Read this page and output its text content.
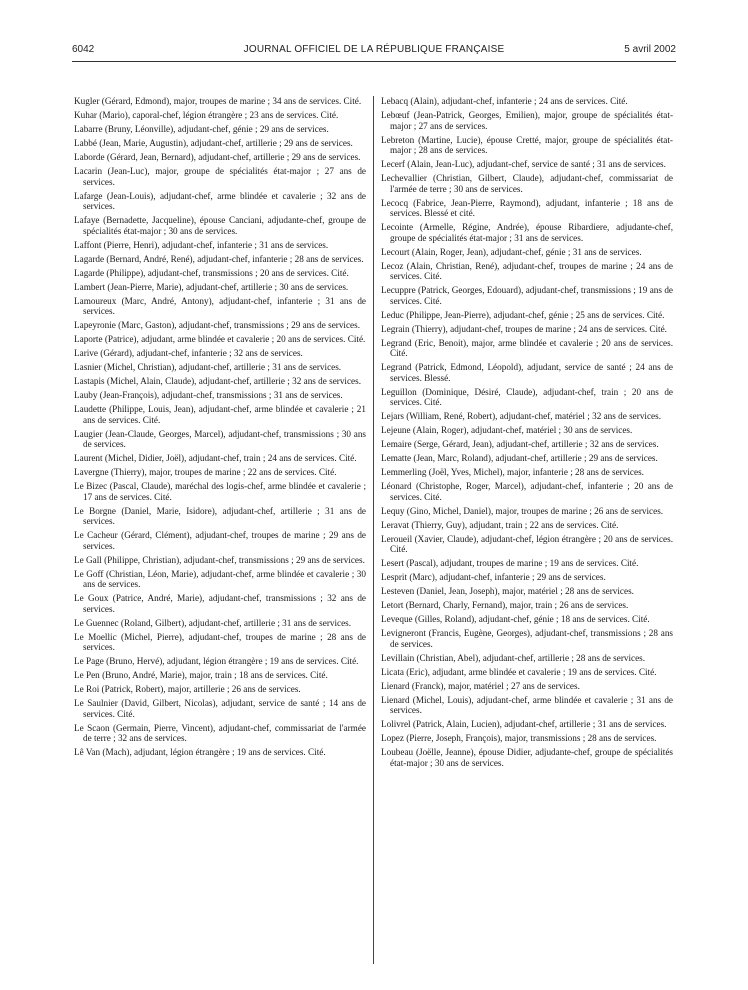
6042	JOURNAL OFFICIEL DE LA RÉPUBLIQUE FRANÇAISE	5 avril 2002

Kugler (Gérard, Edmond), major, troupes de marine ; 34 ans de services. Cité.

Kuhar (Mario), caporal-chef, légion étrangère ; 23 ans de services. Cité.

Labarre (Bruny, Léonville), adjudant-chef, génie ; 29 ans de services.

Labbé (Jean, Marie, Augustin), adjudant-chef, artillerie ; 29 ans de services.

Laborde (Gérard, Jean, Bernard), adjudant-chef, artillerie ; 29 ans de services.

Lacarin (Jean-Luc), major, groupe de spécialités état-major ; 27 ans de services.

Lafarge (Jean-Louis), adjudant-chef, arme blindée et cavalerie ; 32 ans de services.

Lafaye (Bernadette, Jacqueline), épouse Canciani, adjudante-chef, groupe de spécialités état-major ; 30 ans de services.

Laffont (Pierre, Henri), adjudant-chef, infanterie ; 31 ans de services.

Lagarde (Bernard, André, René), adjudant-chef, infanterie ; 28 ans de services.

Lagarde (Philippe), adjudant-chef, transmissions ; 20 ans de services. Cité.

Lambert (Jean-Pierre, Marie), adjudant-chef, artillerie ; 30 ans de services.

Lamoureux (Marc, André, Antony), adjudant-chef, infanterie ; 31 ans de services.

Lapeyronie (Marc, Gaston), adjudant-chef, transmissions ; 29 ans de services.

Laporte (Patrice), adjudant, arme blindée et cavalerie ; 20 ans de services. Cité.

Larive (Gérard), adjudant-chef, infanterie ; 32 ans de services.

Lasnier (Michel, Christian), adjudant-chef, artillerie ; 31 ans de services.

Lastapis (Michel, Alain, Claude), adjudant-chef, artillerie ; 32 ans de services.

Lauby (Jean-François), adjudant-chef, transmissions ; 31 ans de services.

Laudette (Philippe, Louis, Jean), adjudant-chef, arme blindée et cavalerie ; 21 ans de services. Cité.

Laugier (Jean-Claude, Georges, Marcel), adjudant-chef, transmissions ; 30 ans de services.

Laurent (Michel, Didier, Joël), adjudant-chef, train ; 24 ans de services. Cité.

Lavergne (Thierry), major, troupes de marine ; 22 ans de services. Cité.

Le Bizec (Pascal, Claude), maréchal des logis-chef, arme blindée et cavalerie ; 17 ans de services. Cité.

Le Borgne (Daniel, Marie, Isidore), adjudant-chef, artillerie ; 31 ans de services.

Le Cacheur (Gérard, Clément), adjudant-chef, troupes de marine ; 29 ans de services.

Le Gall (Philippe, Christian), adjudant-chef, transmissions ; 29 ans de services.

Le Goff (Christian, Léon, Marie), adjudant-chef, arme blindée et cavalerie ; 30 ans de services.

Le Goux (Patrice, André, Marie), adjudant-chef, transmissions ; 32 ans de services.

Le Guennec (Roland, Gilbert), adjudant-chef, artillerie ; 31 ans de services.

Le Moellic (Michel, Pierre), adjudant-chef, troupes de marine ; 28 ans de services.

Le Page (Bruno, Hervé), adjudant, légion étrangère ; 19 ans de services. Cité.

Le Pen (Bruno, André, Marie), major, train ; 18 ans de services. Cité.

Le Roi (Patrick, Robert), major, artillerie ; 26 ans de services.

Le Saulnier (David, Gilbert, Nicolas), adjudant, service de santé ; 14 ans de services. Cité.

Le Scaon (Germain, Pierre, Vincent), adjudant-chef, commissariat de l'armée de terre ; 32 ans de services.

Lê Van (Mach), adjudant, légion étrangère ; 19 ans de services. Cité.

Lebacq (Alain), adjudant-chef, infanterie ; 24 ans de services. Cité.

Lebœuf (Jean-Patrick, Georges, Emilien), major, groupe de spécialités état-major ; 27 ans de services.

Lebreton (Martine, Lucie), épouse Cretté, major, groupe de spécialités état-major ; 28 ans de services.

Lecerf (Alain, Jean-Luc), adjudant-chef, service de santé ; 31 ans de services.

Lechevallier (Christian, Gilbert, Claude), adjudant-chef, commissariat de l'armée de terre ; 30 ans de services.

Lecocq (Fabrice, Jean-Pierre, Raymond), adjudant, infanterie ; 18 ans de services. Blessé et cité.

Lecointe (Armelle, Régine, Andrée), épouse Ribardiere, adjudante-chef, groupe de spécialités état-major ; 31 ans de services.

Lecourt (Alain, Roger, Jean), adjudant-chef, génie ; 31 ans de services.

Lecoz (Alain, Christian, René), adjudant-chef, troupes de marine ; 24 ans de services. Cité.

Lecuppre (Patrick, Georges, Edouard), adjudant-chef, transmissions ; 19 ans de services. Cité.

Leduc (Philippe, Jean-Pierre), adjudant-chef, génie ; 25 ans de services. Cité.

Legrain (Thierry), adjudant-chef, troupes de marine ; 24 ans de services. Cité.

Legrand (Eric, Benoit), major, arme blindée et cavalerie ; 20 ans de services. Cité.

Legrand (Patrick, Edmond, Léopold), adjudant, service de santé ; 24 ans de services. Blessé.

Leguillon (Dominique, Désiré, Claude), adjudant-chef, train ; 20 ans de services. Cité.

Lejars (William, René, Robert), adjudant-chef, matériel ; 32 ans de services.

Lejeune (Alain, Roger), adjudant-chef, matériel ; 30 ans de services.

Lemaire (Serge, Gérard, Jean), adjudant-chef, artillerie ; 32 ans de services.

Lematte (Jean, Marc, Roland), adjudant-chef, artillerie ; 29 ans de services.

Lemmerling (Joël, Yves, Michel), major, infanterie ; 28 ans de services.

Léonard (Christophe, Roger, Marcel), adjudant-chef, infanterie ; 20 ans de services. Cité.

Lequy (Gino, Michel, Daniel), major, troupes de marine ; 26 ans de services.

Leravat (Thierry, Guy), adjudant, train ; 22 ans de services. Cité.

Leroueil (Xavier, Claude), adjudant-chef, légion étrangère ; 20 ans de services. Cité.

Lesert (Pascal), adjudant, troupes de marine ; 19 ans de services. Cité.

Lesprit (Marc), adjudant-chef, infanterie ; 29 ans de services.

Lesteven (Daniel, Jean, Joseph), major, matériel ; 28 ans de services.

Letort (Bernard, Charly, Fernand), major, train ; 26 ans de services.

Leveque (Gilles, Roland), adjudant-chef, génie ; 18 ans de services. Cité.

Levigneront (Francis, Eugène, Georges), adjudant-chef, transmissions ; 28 ans de services.

Levillain (Christian, Abel), adjudant-chef, artillerie ; 28 ans de services.

Licata (Eric), adjudant, arme blindée et cavalerie ; 19 ans de services. Cité.

Lienard (Franck), major, matériel ; 27 ans de services.

Lienard (Michel, Louis), adjudant-chef, arme blindée et cavalerie ; 31 ans de services.

Lolivrel (Patrick, Alain, Lucien), adjudant-chef, artillerie ; 31 ans de services.

Lopez (Pierre, Joseph, François), major, transmissions ; 28 ans de services.

Loubeau (Joëlle, Jeanne), épouse Didier, adjudante-chef, groupe de spécialités état-major ; 30 ans de services.
